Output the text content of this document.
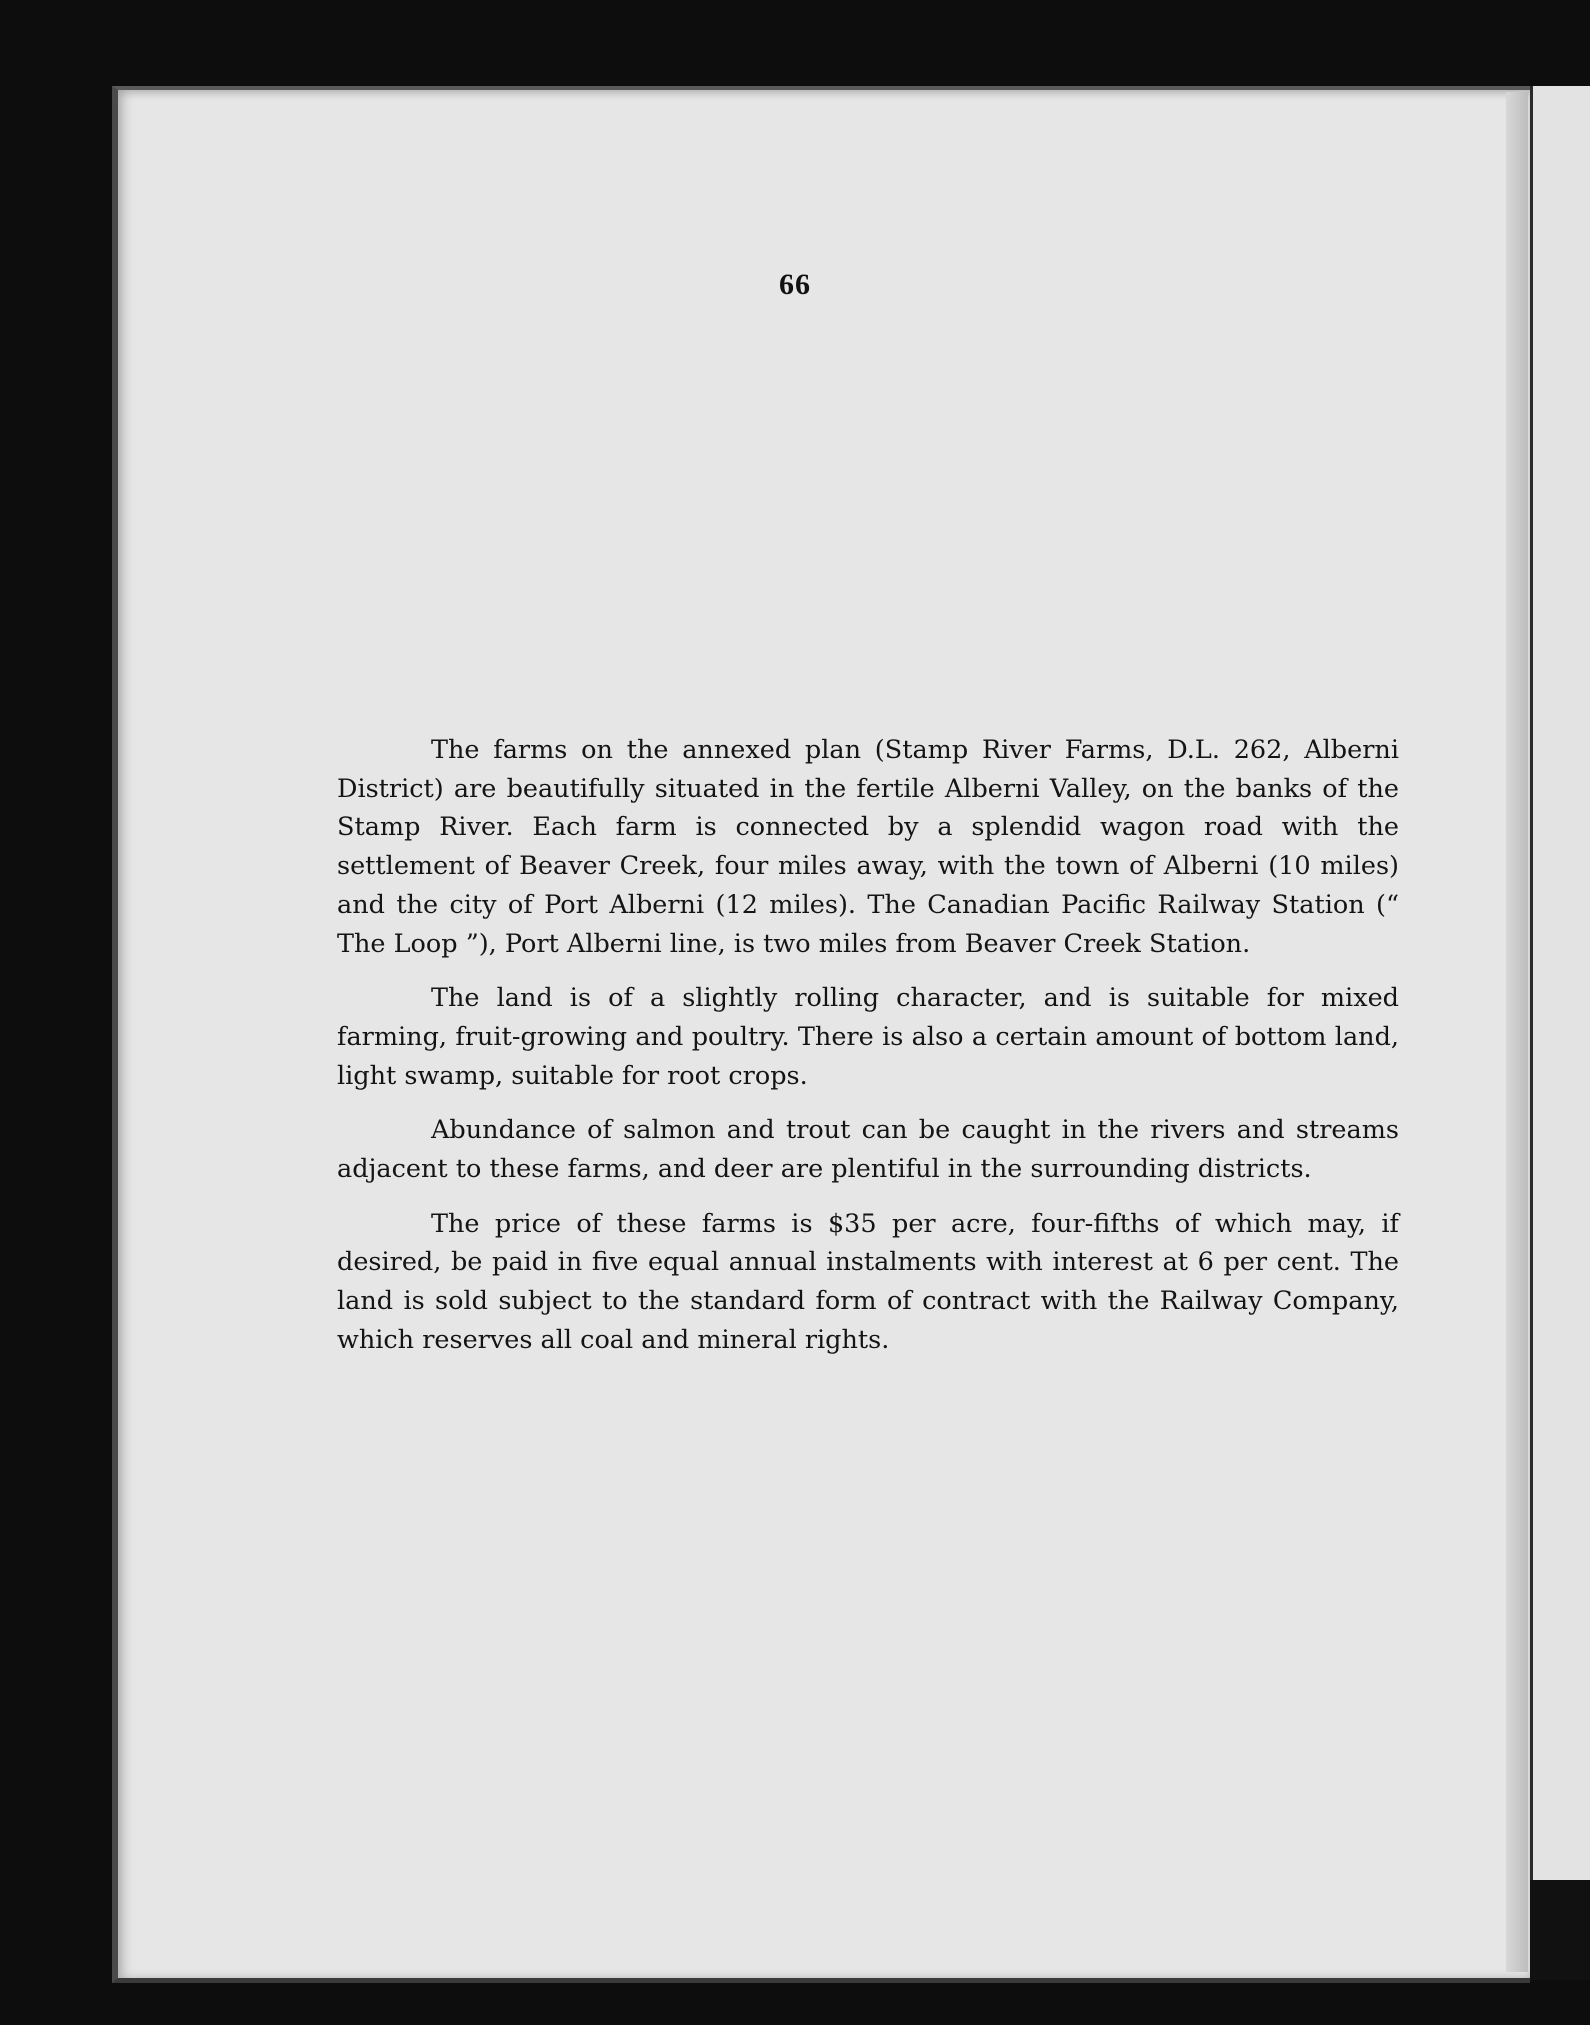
66

The farms on the annexed plan (Stamp River Farms, D.L. 262, Alberni District) are beautifully situated in the fertile Alberni Valley, on the banks of the Stamp River. Each farm is connected by a splendid wagon road with the settlement of Beaver Creek, four miles away, with the town of Alberni (10 miles) and the city of Port Alberni (12 miles). The Canadian Pacific Railway Station (“ The Loop ”), Port Alberni line, is two miles from Beaver Creek Station.

The land is of a slightly rolling character, and is suitable for mixed farming, fruit-growing and poultry. There is also a certain amount of bottom land, light swamp, suitable for root crops.

Abundance of salmon and trout can be caught in the rivers and streams adjacent to these farms, and deer are plentiful in the surrounding districts.

The price of these farms is $35 per acre, four-fifths of which may, if desired, be paid in five equal annual instalments with interest at 6 per cent. The land is sold subject to the standard form of contract with the Railway Company, which reserves all coal and mineral rights.
